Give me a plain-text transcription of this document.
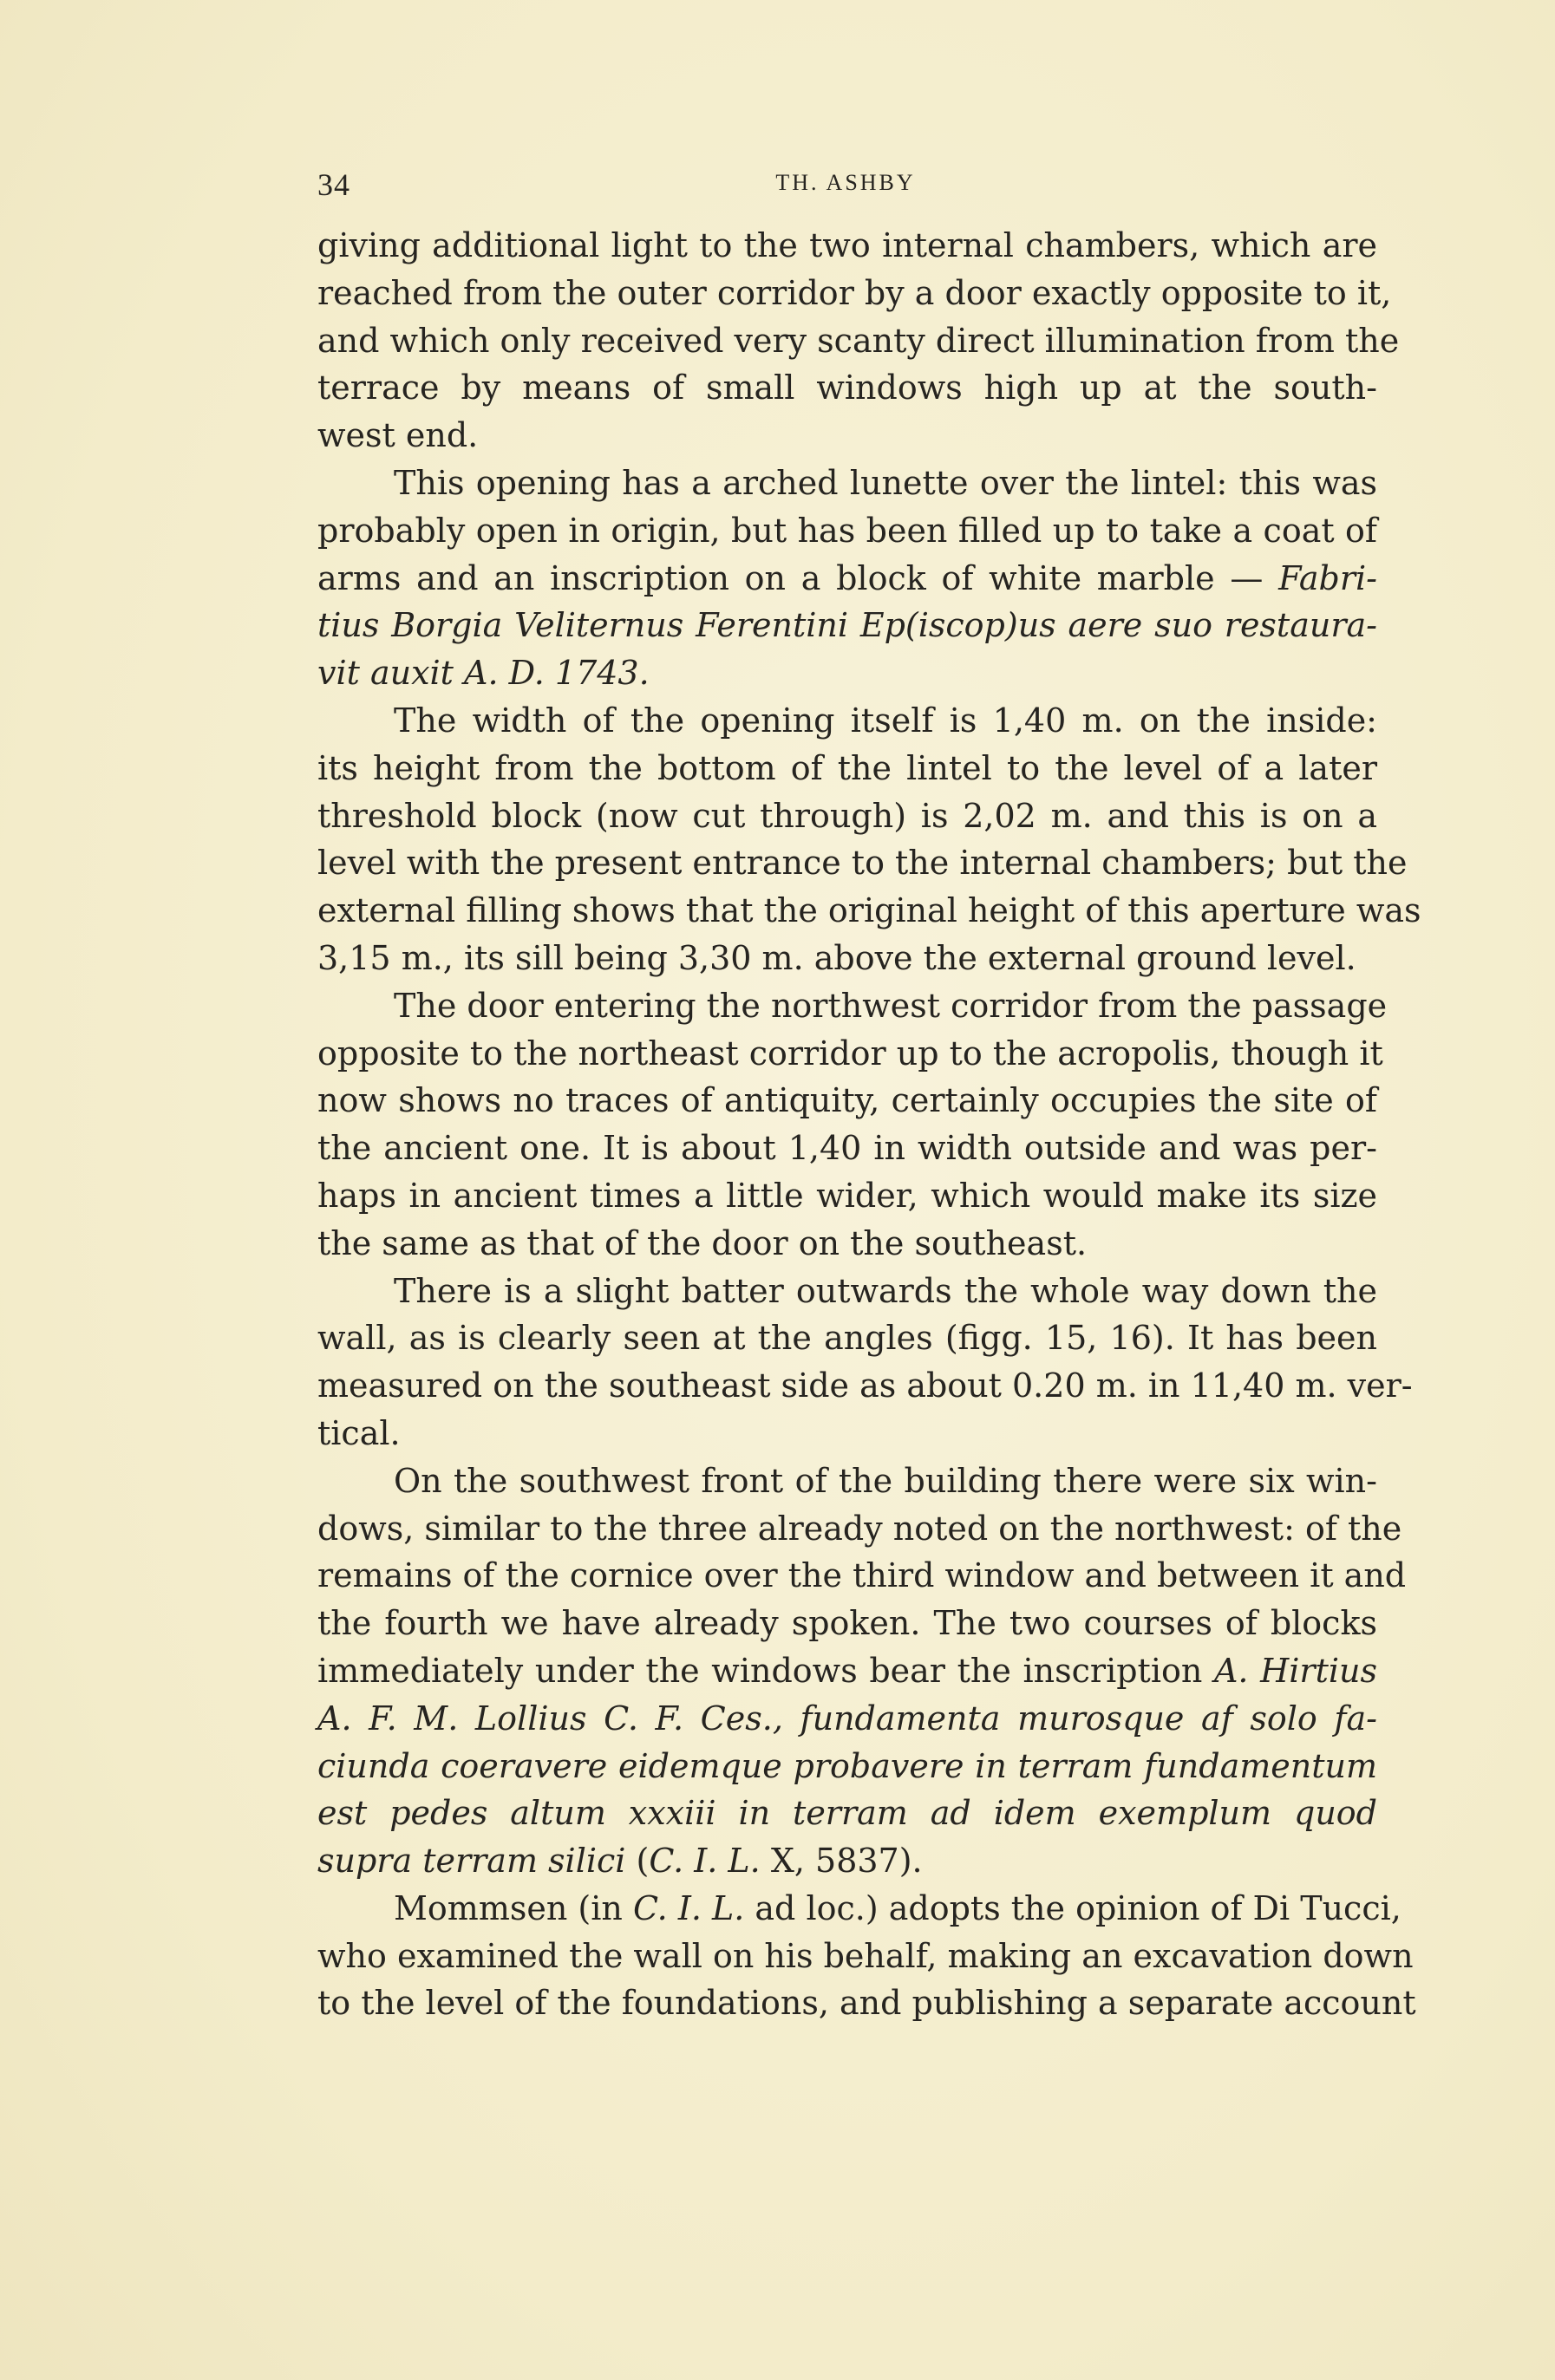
34	TH. ASHBY
giving additional light to the two internal chambers, which are
reached from the outer corridor by a door exactly opposite to it,
and which only received very scanty direct illumination from the
terrace by means of small windows high up at the south-
west end.
This opening has a arched lunette over the lintel: this was
probably open in origin, but has been filled up to take a coat of
arms and an inscription on a block of white marble — Fabri-
tius Borgia Veliternus Ferentini Ep(iscop)us aere suo restaura-
vit auxit A. D. 1743.
The width of the opening itself is 1,40 m. on the inside:
its height from the bottom of the lintel to the level of a later
threshold block (now cut through) is 2,02 m. and this is on a
level with the present entrance to the internal chambers; but the
external filling shows that the original height of this aperture was
3,15 m., its sill being 3,30 m. above the external ground level.
The door entering the northwest corridor from the passage
opposite to the northeast corridor up to the acropolis, though it
now shows no traces of antiquity, certainly occupies the site of
the ancient one. It is about 1,40 in width outside and was per-
haps in ancient times a little wider, which would make its size
the same as that of the door on the southeast.
There is a slight batter outwards the whole way down the
wall, as is clearly seen at the angles (figg. 15, 16). It has been
measured on the southeast side as about 0.20 m. in 11,40 m. ver-
tical.
On the southwest front of the building there were six win-
dows, similar to the three already noted on the northwest: of the
remains of the cornice over the third window and between it and
the fourth we have already spoken. The two courses of blocks
immediately under the windows bear the inscription A. Hirtius
A. F. M. Lollius C. F. Ces., fundamenta murosque af solo fa-
ciunda coeravere eidemque probavere in terram fundamentum
est pedes altum xxxiii in terram ad idem exemplum quod
supra terram silici (C. I. L. X, 5837).
Mommsen (in C. I. L. ad loc.) adopts the opinion of Di Tucci,
who examined the wall on his behalf, making an excavation down
to the level of the foundations, and publishing a separate account
